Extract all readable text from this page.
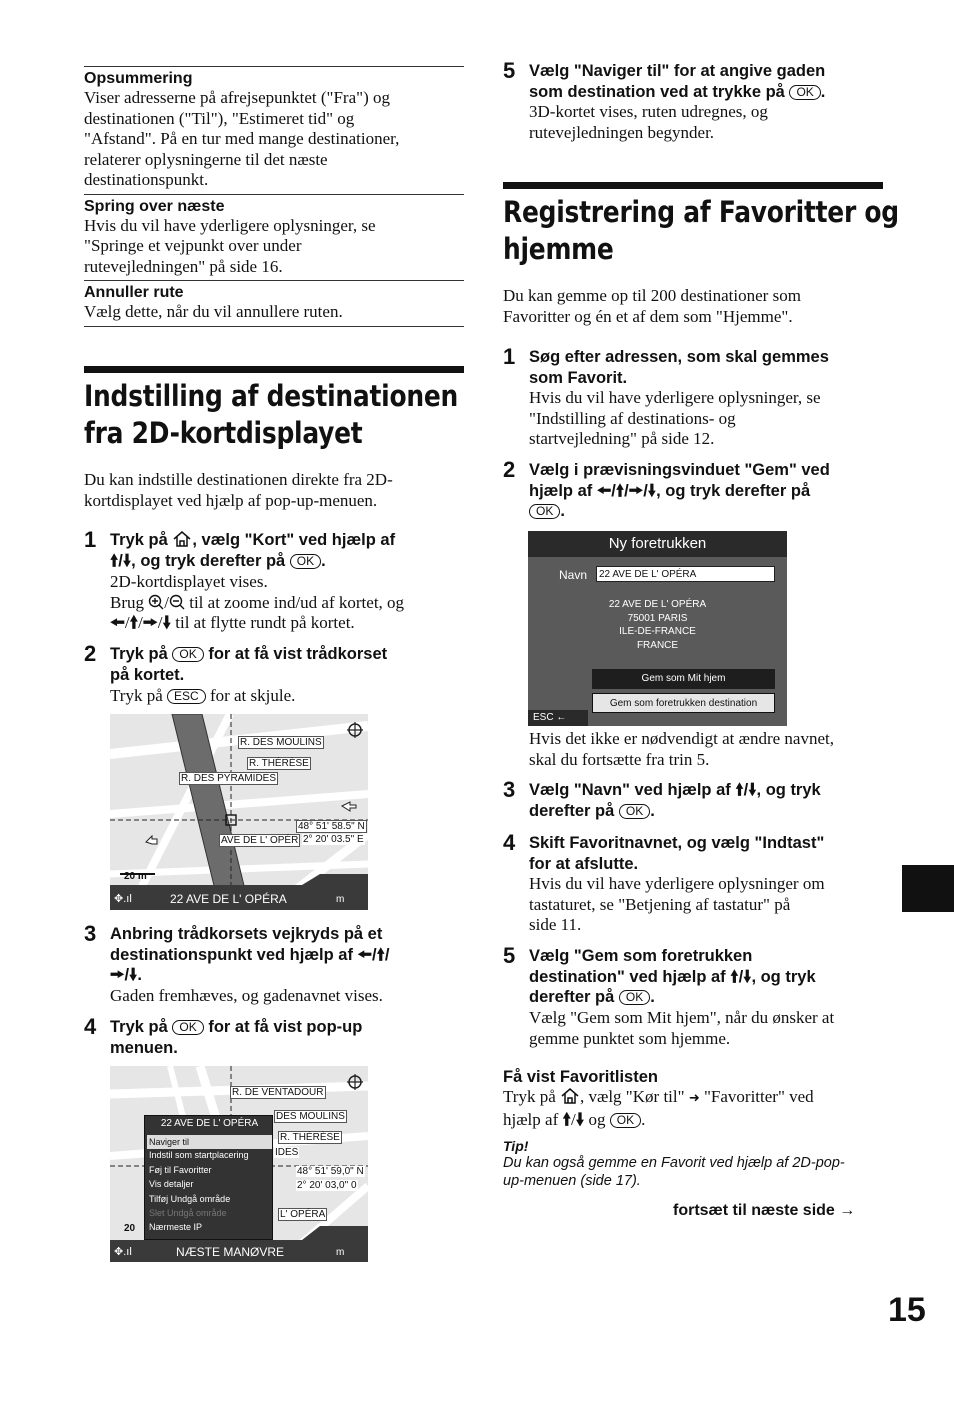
Opsummering
Viser adresserne på afrejsepunktet ("Fra") og
destinationen ("Til"), "Estimeret tid" og
"Afstand". På en tur med mange destinationer,
relaterer oplysningerne til det næste
destinationspunkt.
Spring over næste
Hvis du vil have yderligere oplysninger, se
"Springe et vejpunkt over under
rutevejledningen" på side 16.
Annuller rute
Vælg dette, når du vil annullere ruten.
Indstilling af destinationen
fra 2D-kortdisplayet
Du kan indstille destinationen direkte fra 2D-
kortdisplayet ved hjælp af pop-up-menuen.
1 Tryk på , vælg "Kort" ved hjælp af
🠙/🠛, og tryk derefter på OK .
2D-kortdisplayet vises.
Brug / til at zoome ind/ud af kortet, og
🠘/🠙/🠚/🠛 til at flytte rundt på kortet.
2 Tryk på OK for at få vist trådkorset
på kortet.
Tryk på ESC for at skjule.
R. DES MOULINS
R. THÉRÈSE
R. DES PYRAMIDES
AVE DE L' OPÉR
48° 51' 58.5" N
2° 20' 03.5" E
20 m
✥.ıl	22 AVE DE L' OPÉRA	m
3 Anbring trådkorsets vejkryds på et
destinationspunkt ved hjælp af 🠘/🠙/
🠚/🠛.
Gaden fremhæves, og gadenavnet vises.
4 Tryk på OK for at få vist pop-up
menuen.
R. DE VENTADOUR
DES MOULINS
R. THÉRÈSE
IDES
L' OPÉRA
48° 51' 59,0" N
2° 20' 03,0" 0
20
22 AVE DE L' OPÉRA
Naviger til
Indstil som startplacering
Føj til Favoritter
Vis detaljer
Tilføj Undgå område
Slet Undgå område
Nærmeste IP
✥.ıl	NÆSTE MANØVRE	m
5 Vælg "Naviger til" for at angive gaden
som destination ved at trykke på OK .
3D-kortet vises, ruten udregnes, og
rutevejledningen begynder.
Registrering af Favoritter og
hjemme
Du kan gemme op til 200 destinationer som
Favoritter og én et af dem som "Hjemme".
1 Søg efter adressen, som skal gemmes
som Favorit.
Hvis du vil have yderligere oplysninger, se
"Indstilling af destinations- og
startvejledning" på side 12.
2 Vælg i prævisningsvinduet "Gem" ved
hjælp af 🠘/🠙/🠚/🠛, og tryk derefter på
OK .
Ny foretrukken
Navn	22 AVE DE L' OPÉRA
22 AVE DE L' OPÉRA
75001 PARIS
ILE-DE-FRANCE
FRANCE
Gem som Mit hjem
Gem som foretrukken destination
ESC ←
Hvis det ikke er nødvendigt at ændre navnet,
skal du fortsætte fra trin 5.
3 Vælg "Navn" ved hjælp af 🠙/🠛, og tryk
derefter på OK .
4 Skift Favoritnavnet, og vælg "Indtast"
for at afslutte.
Hvis du vil have yderligere oplysninger om
tastaturet, se "Betjening af tastatur" på
side 11.
5 Vælg "Gem som foretrukken
destination" ved hjælp af 🠙/🠛, og tryk
derefter på OK .
Vælg "Gem som Mit hjem", når du ønsker at
gemme punktet som hjemme.
Få vist Favoritlisten
Tryk på , vælg "Kør til" ➜ "Favoritter" ved
hjælp af 🠙/🠛 og OK .
Tip!
Du kan også gemme en Favorit ved hjælp af 2D-pop-
up-menuen (side 17).
fortsæt til næste side →
15
